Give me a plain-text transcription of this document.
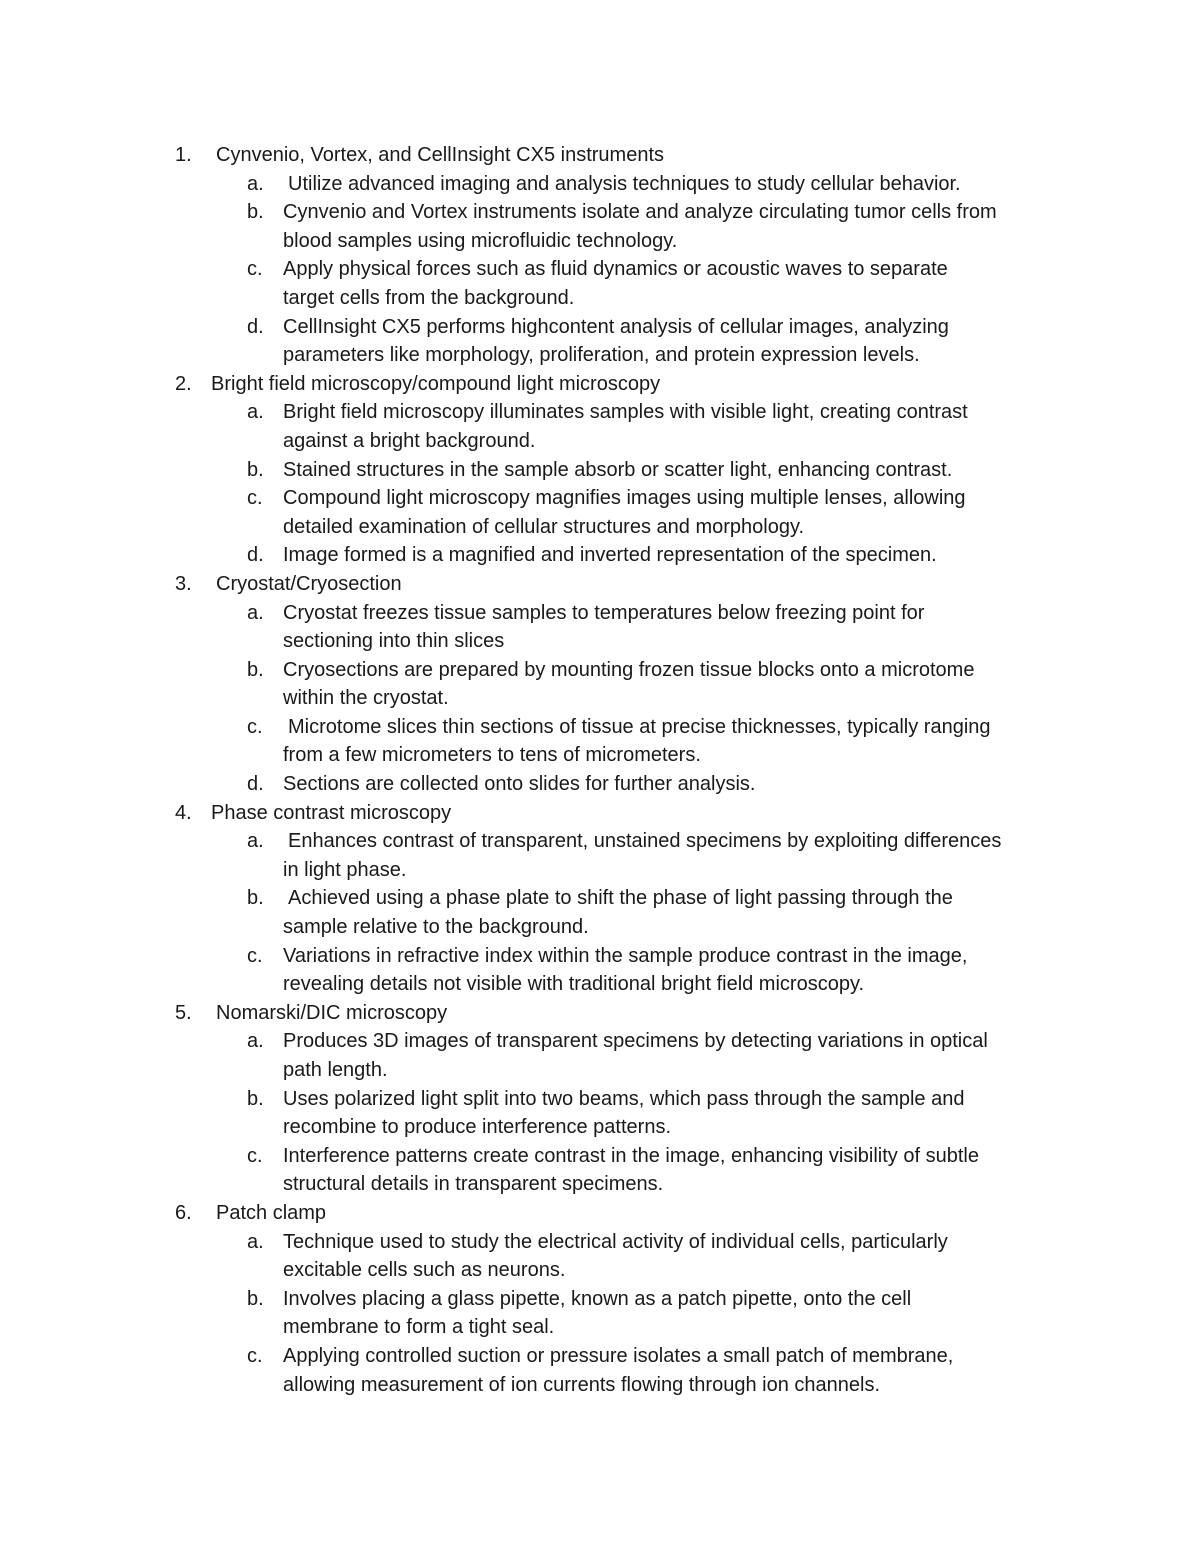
1. Cynvenio, Vortex, and CellInsight CX5 instruments
a. Utilize advanced imaging and analysis techniques to study cellular behavior.
b. Cynvenio and Vortex instruments isolate and analyze circulating tumor cells from
blood samples using microfluidic technology.
c. Apply physical forces such as fluid dynamics or acoustic waves to separate
target cells from the background.
d. CellInsight CX5 performs highcontent analysis of cellular images, analyzing
parameters like morphology, proliferation, and protein expression levels.
2. Bright field microscopy/compound light microscopy
a. Bright field microscopy illuminates samples with visible light, creating contrast
against a bright background.
b. Stained structures in the sample absorb or scatter light, enhancing contrast.
c. Compound light microscopy magnifies images using multiple lenses, allowing
detailed examination of cellular structures and morphology.
d. Image formed is a magnified and inverted representation of the specimen.
3. Cryostat/Cryosection
a. Cryostat freezes tissue samples to temperatures below freezing point for
sectioning into thin slices
b. Cryosections are prepared by mounting frozen tissue blocks onto a microtome
within the cryostat.
c. Microtome slices thin sections of tissue at precise thicknesses, typically ranging
from a few micrometers to tens of micrometers.
d. Sections are collected onto slides for further analysis.
4. Phase contrast microscopy
a. Enhances contrast of transparent, unstained specimens by exploiting differences
in light phase.
b. Achieved using a phase plate to shift the phase of light passing through the
sample relative to the background.
c. Variations in refractive index within the sample produce contrast in the image,
revealing details not visible with traditional bright field microscopy.
5. Nomarski/DIC microscopy
a. Produces 3D images of transparent specimens by detecting variations in optical
path length.
b. Uses polarized light split into two beams, which pass through the sample and
recombine to produce interference patterns.
c. Interference patterns create contrast in the image, enhancing visibility of subtle
structural details in transparent specimens.
6. Patch clamp
a. Technique used to study the electrical activity of individual cells, particularly
excitable cells such as neurons.
b. Involves placing a glass pipette, known as a patch pipette, onto the cell
membrane to form a tight seal.
c. Applying controlled suction or pressure isolates a small patch of membrane,
allowing measurement of ion currents flowing through ion channels.
